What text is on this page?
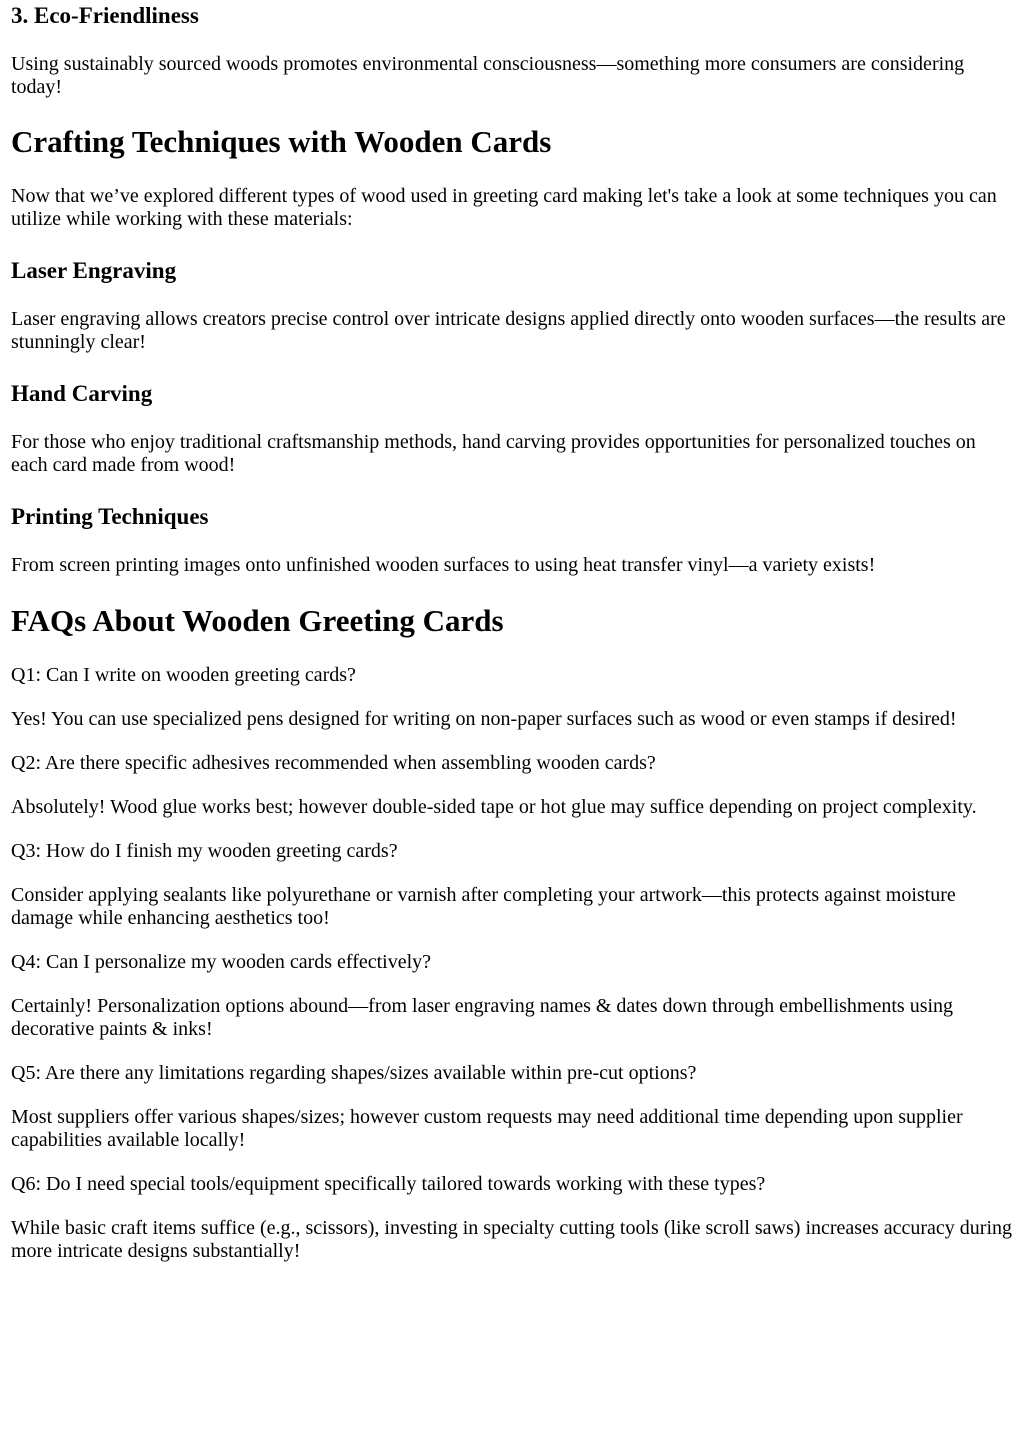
3. Eco-Friendliness

Using sustainably sourced woods promotes environmental consciousness—something more consumers are considering today!

Crafting Techniques with Wooden Cards

Now that we’ve explored different types of wood used in greeting card making let's take a look at some techniques you can utilize while working with these materials:

Laser Engraving

Laser engraving allows creators precise control over intricate designs applied directly onto wooden surfaces—the results are stunningly clear!

Hand Carving

For those who enjoy traditional craftsmanship methods, hand carving provides opportunities for personalized touches on each card made from wood!

Printing Techniques

From screen printing images onto unfinished wooden surfaces to using heat transfer vinyl—a variety exists!

FAQs About Wooden Greeting Cards

Q1: Can I write on wooden greeting cards?

Yes! You can use specialized pens designed for writing on non-paper surfaces such as wood or even stamps if desired!

Q2: Are there specific adhesives recommended when assembling wooden cards?

Absolutely! Wood glue works best; however double-sided tape or hot glue may suffice depending on project complexity.

Q3: How do I finish my wooden greeting cards?

Consider applying sealants like polyurethane or varnish after completing your artwork—this protects against moisture damage while enhancing aesthetics too!

Q4: Can I personalize my wooden cards effectively?

Certainly! Personalization options abound—from laser engraving names & dates down through embellishments using decorative paints & inks!

Q5: Are there any limitations regarding shapes/sizes available within pre-cut options?

Most suppliers offer various shapes/sizes; however custom requests may need additional time depending upon supplier capabilities available locally!

Q6: Do I need special tools/equipment specifically tailored towards working with these types?

While basic craft items suffice (e.g., scissors), investing in specialty cutting tools (like scroll saws) increases accuracy during more intricate designs substantially!
